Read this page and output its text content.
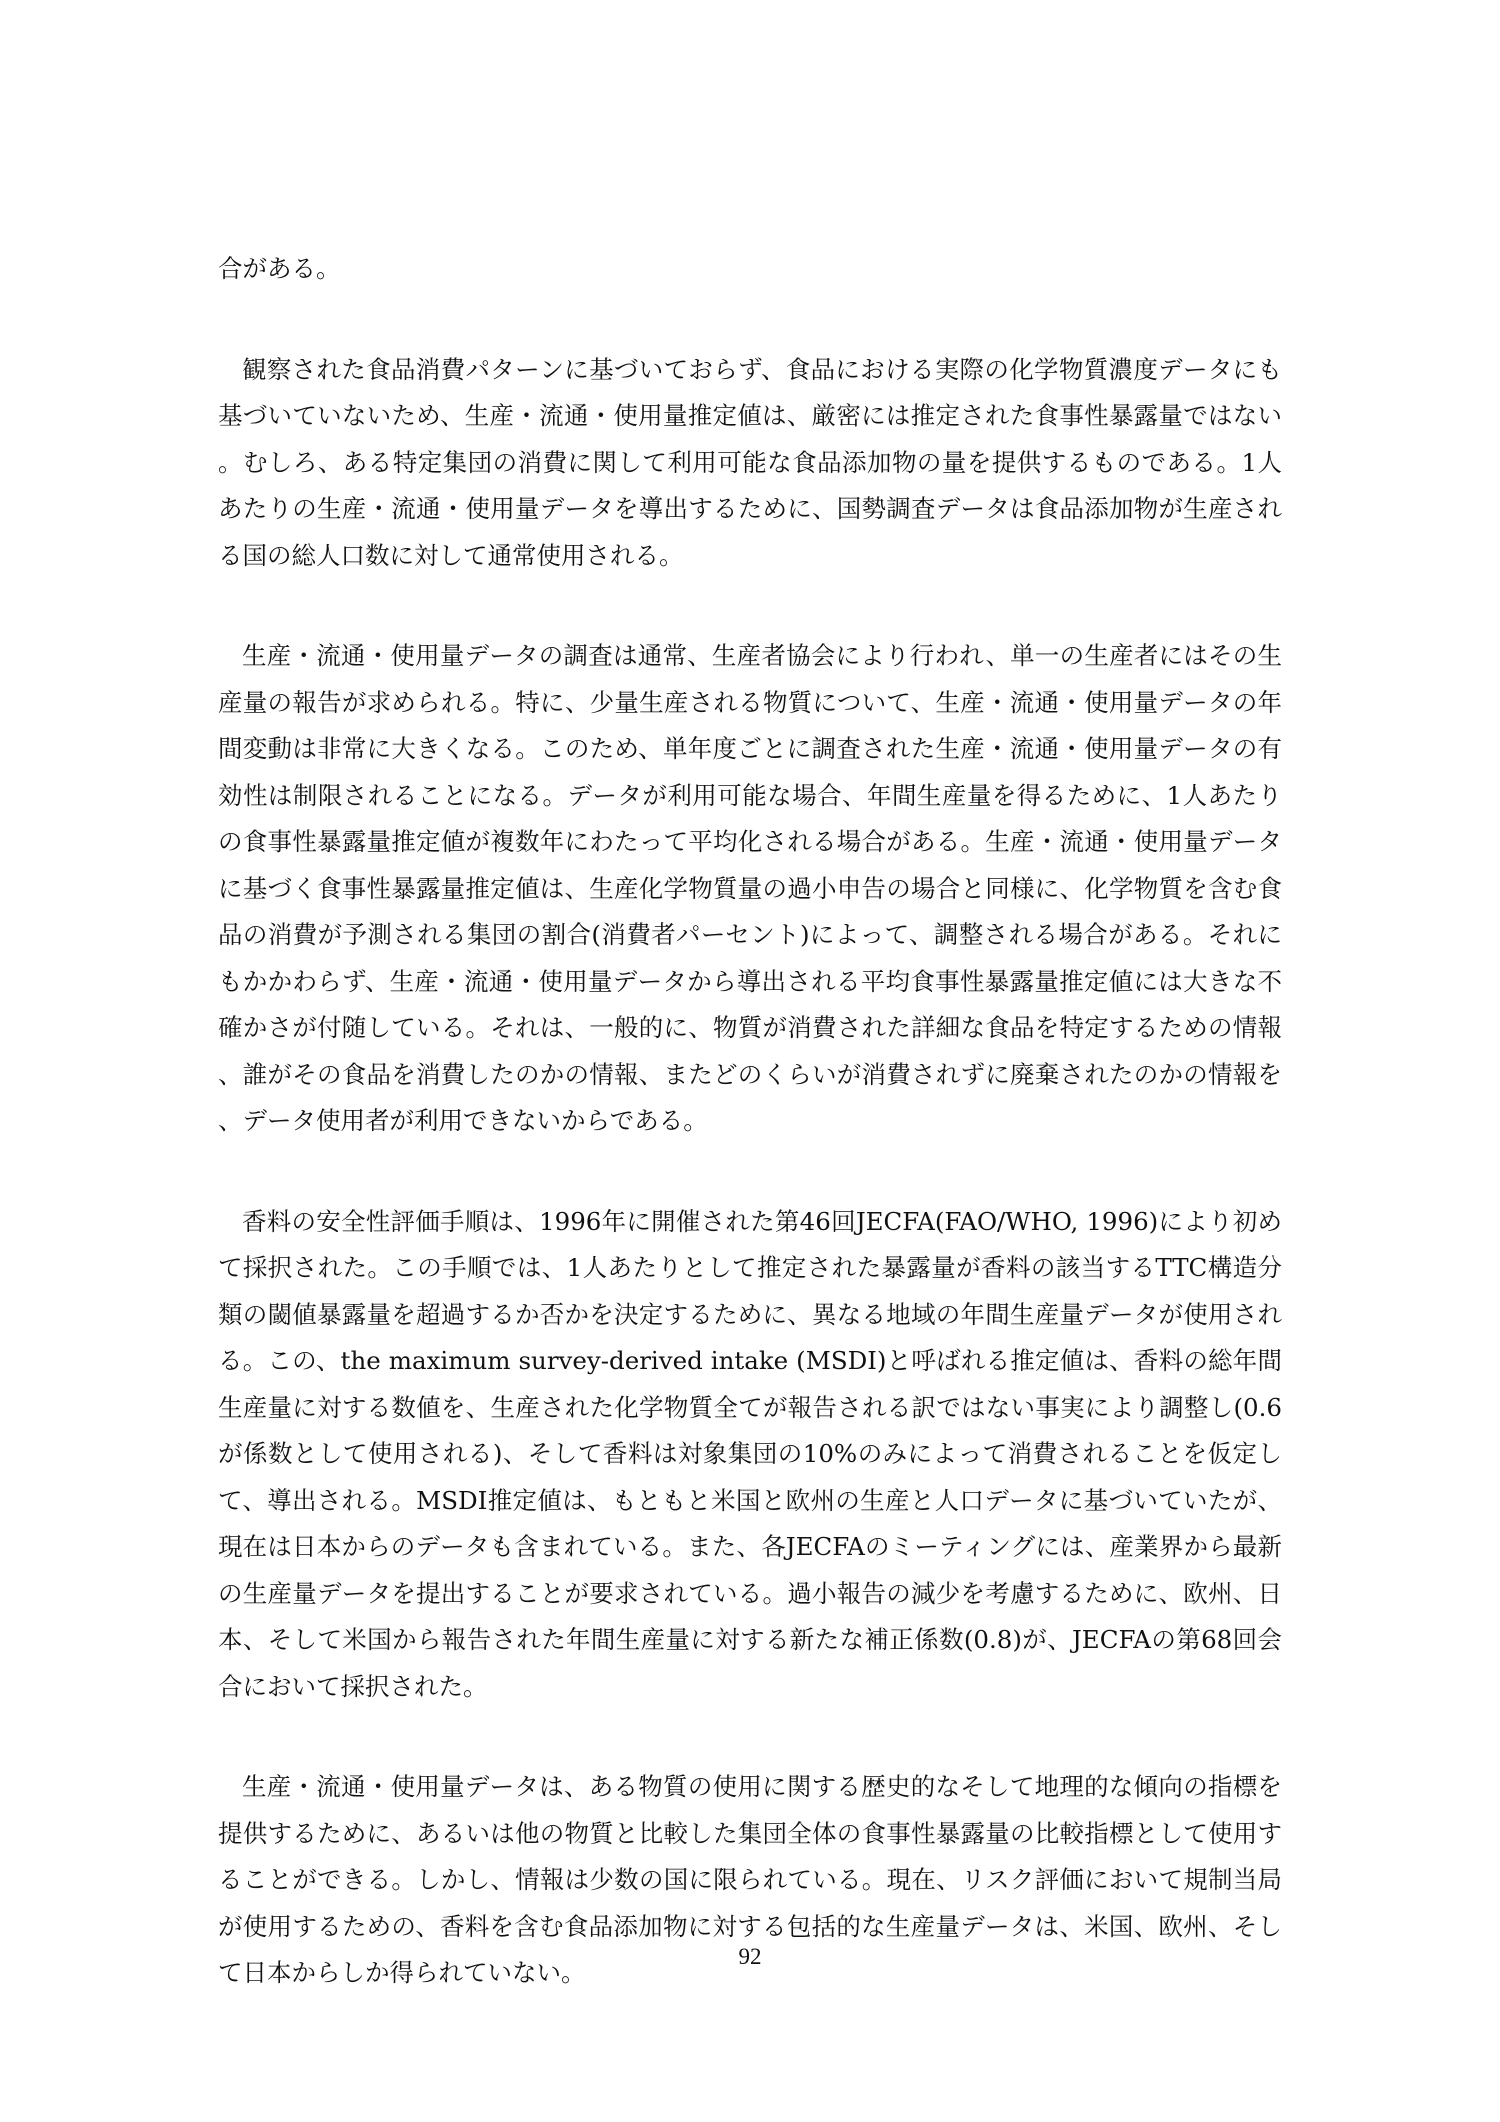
合がある。

観察された食品消費パターンに基づいておらず、食品における実際の化学物質濃度データにも基づいていないため、生産・流通・使用量推定値は、厳密には推定された食事性暴露量ではない。むしろ、ある特定集団の消費に関して利用可能な食品添加物の量を提供するものである。1人あたりの生産・流通・使用量データを導出するために、国勢調査データは食品添加物が生産される国の総人口数に対して通常使用される。

生産・流通・使用量データの調査は通常、生産者協会により行われ、単一の生産者にはその生産量の報告が求められる。特に、少量生産される物質について、生産・流通・使用量データの年間変動は非常に大きくなる。このため、単年度ごとに調査された生産・流通・使用量データの有効性は制限されることになる。データが利用可能な場合、年間生産量を得るために、1人あたりの食事性暴露量推定値が複数年にわたって平均化される場合がある。生産・流通・使用量データに基づく食事性暴露量推定値は、生産化学物質量の過小申告の場合と同様に、化学物質を含む食品の消費が予測される集団の割合(消費者パーセント)によって、調整される場合がある。それにもかかわらず、生産・流通・使用量データから導出される平均食事性暴露量推定値には大きな不確かさが付随している。それは、一般的に、物質が消費された詳細な食品を特定するための情報、誰がその食品を消費したのかの情報、またどのくらいが消費されずに廃棄されたのかの情報を、データ使用者が利用できないからである。

香料の安全性評価手順は、1996年に開催された第46回JECFA(FAO/WHO, 1996)により初めて採択された。この手順では、1人あたりとして推定された暴露量が香料の該当するTTC構造分類の閾値暴露量を超過するか否かを決定するために、異なる地域の年間生産量データが使用される。この、the maximum survey-derived intake (MSDI)と呼ばれる推定値は、香料の総年間生産量に対する数値を、生産された化学物質全てが報告される訳ではない事実により調整し(0.6が係数として使用される)、そして香料は対象集団の10%のみによって消費されることを仮定して、導出される。MSDI推定値は、もともと米国と欧州の生産と人口データに基づいていたが、現在は日本からのデータも含まれている。また、各JECFAのミーティングには、産業界から最新の生産量データを提出することが要求されている。過小報告の減少を考慮するために、欧州、日本、そして米国から報告された年間生産量に対する新たな補正係数(0.8)が、JECFAの第68回会合において採択された。

生産・流通・使用量データは、ある物質の使用に関する歴史的なそして地理的な傾向の指標を提供するために、あるいは他の物質と比較した集団全体の食事性暴露量の比較指標として使用することができる。しかし、情報は少数の国に限られている。現在、リスク評価において規制当局が使用するための、香料を含む食品添加物に対する包括的な生産量データは、米国、欧州、そして日本からしか得られていない。

92
